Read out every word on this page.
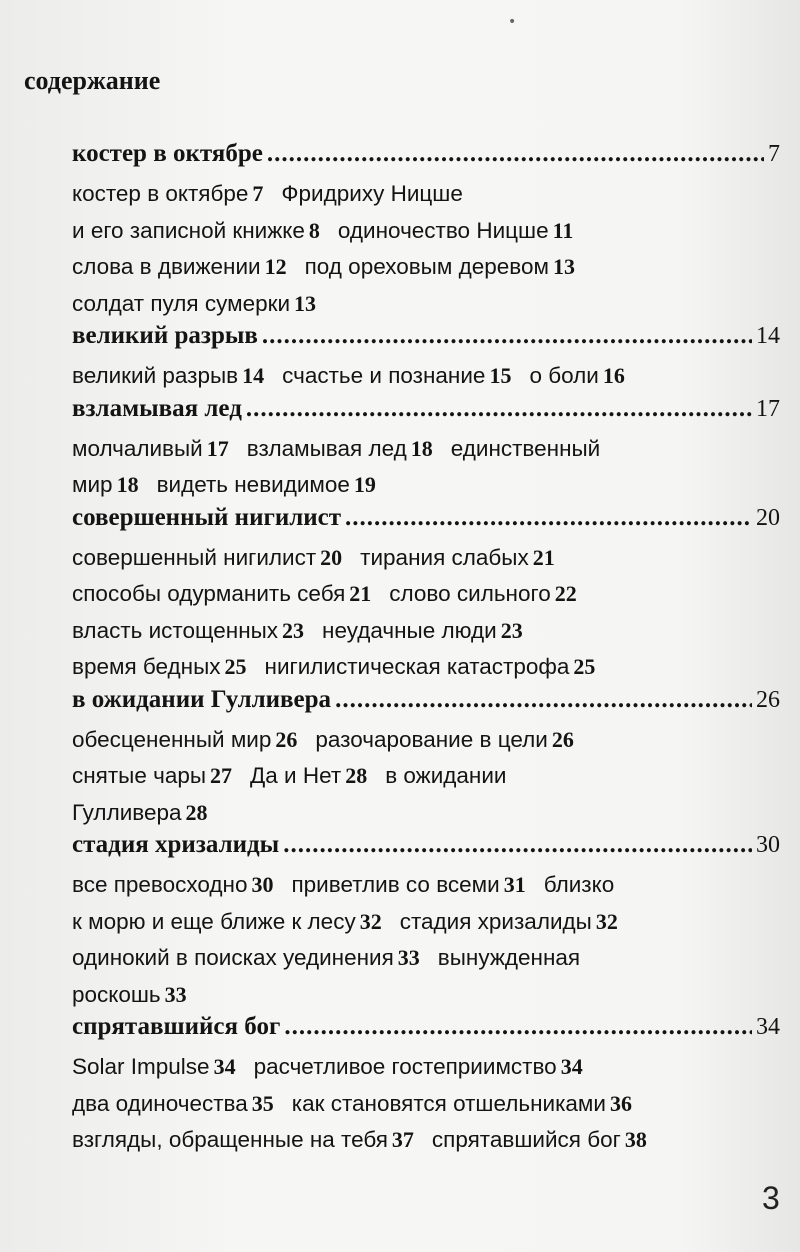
•
содержание
костер в октябре .....	7
костер в октябре 7 Фридриху Ницше
и его записной книжке 8 одиночество Ницше 11
слова в движении 12 под ореховым деревом 13
солдат пуля сумерки 13
великий разрыв .....	14
великий разрыв 14 счастье и познание 15 о боли 16
взламывая лед .....	17
молчаливый 17 взламывая лед 18 единственный
мир 18 видеть невидимое 19
совершенный нигилист .....	20
совершенный нигилист 20 тирания слабых 21
способы одурманить себя 21 слово сильного 22
власть истощенных 23 неудачные люди 23
время бедных 25 нигилистическая катастрофа 25
в ожидании Гулливера .....	26
обесцененный мир 26 разочарование в цели 26
снятые чары 27 Да и Нет 28 в ожидании
Гулливера 28
стадия хризалиды .....	30
все превосходно 30 приветлив со всеми 31 близко
к морю и еще ближе к лесу 32 стадия хризалиды 32
одинокий в поисках уединения 33 вынужденная
роскошь 33
спрятавшийся бог .....	34
Solar Impulse 34 расчетливое гостеприимство 34
два одиночества 35 как становятся отшельниками 36
взгляды, обращенные на тебя 37 спрятавшийся бог 38
3
